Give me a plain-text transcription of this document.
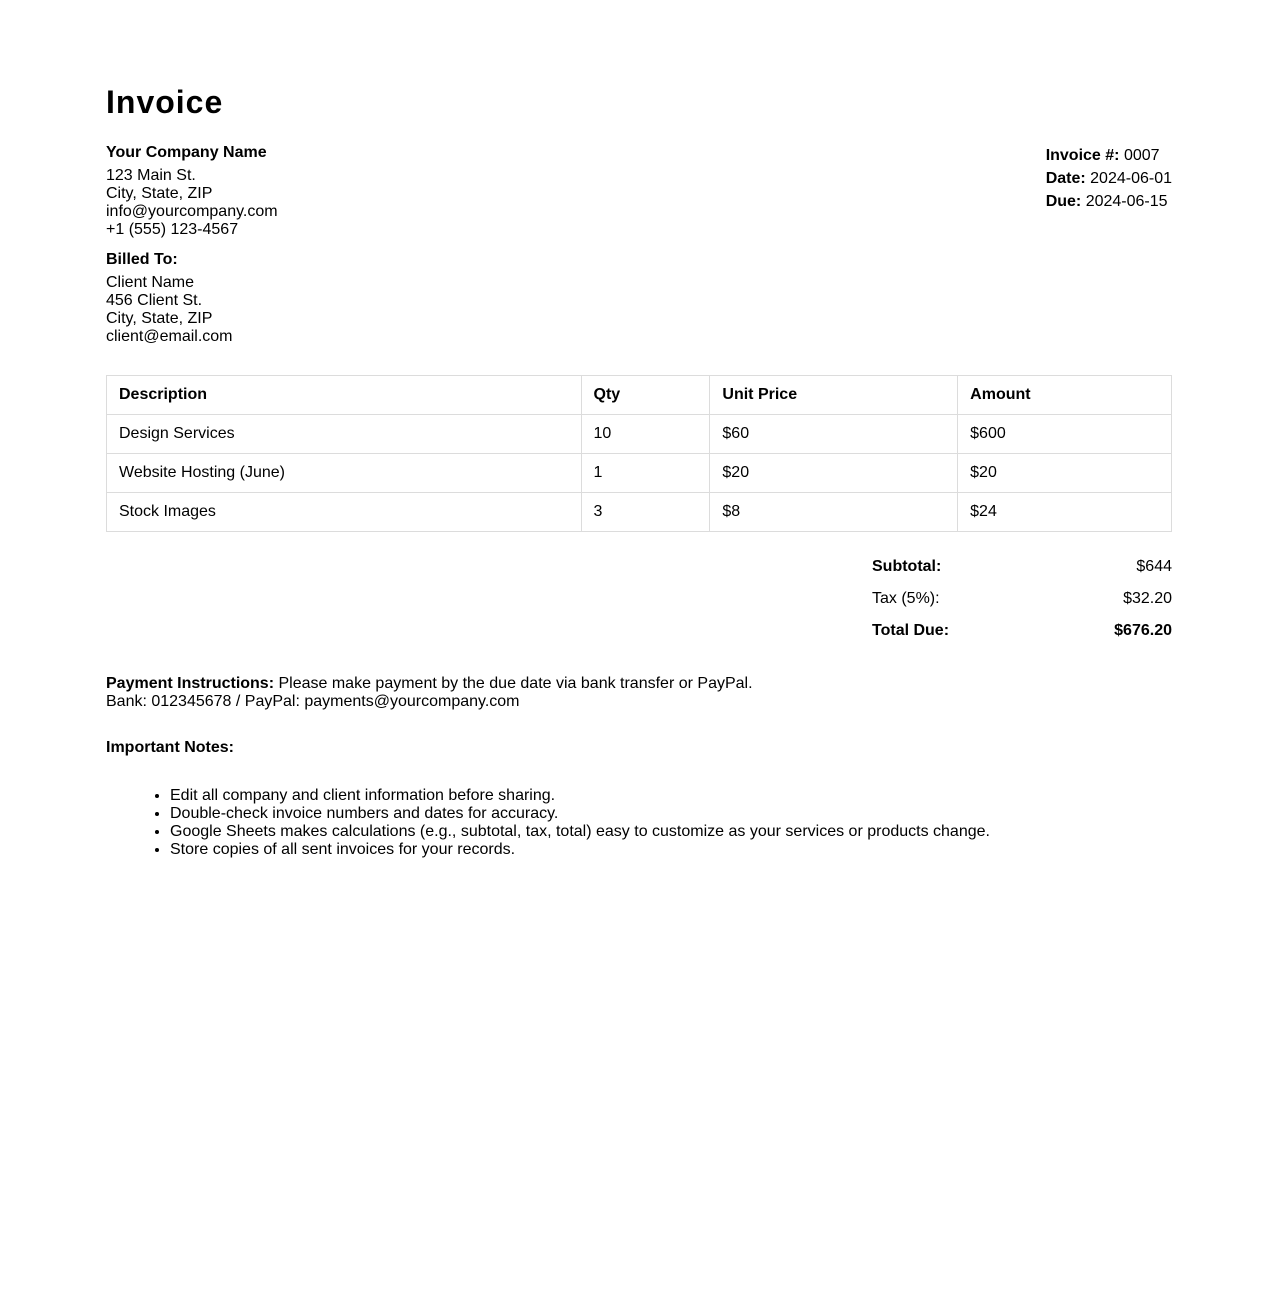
Invoice
Your Company Name
123 Main St.
City, State, ZIP
info@yourcompany.com
+1 (555) 123-4567
Invoice #: 0007
Date: 2024-06-01
Due: 2024-06-15
Billed To:
Client Name
456 Client St.
City, State, ZIP
client@email.com
Description	Qty	Unit Price	Amount
Design Services	10	$60	$600
Website Hosting (June)	1	$20	$20
Stock Images	3	$8	$24
Subtotal:	$644
Tax (5%):	$32.20
Total Due:	$676.20
Payment Instructions: Please make payment by the due date via bank transfer or PayPal.
Bank: 012345678 / PayPal: payments@yourcompany.com
Important Notes:
• Edit all company and client information before sharing.
• Double-check invoice numbers and dates for accuracy.
• Google Sheets makes calculations (e.g., subtotal, tax, total) easy to customize as your services or products change.
• Store copies of all sent invoices for your records.
